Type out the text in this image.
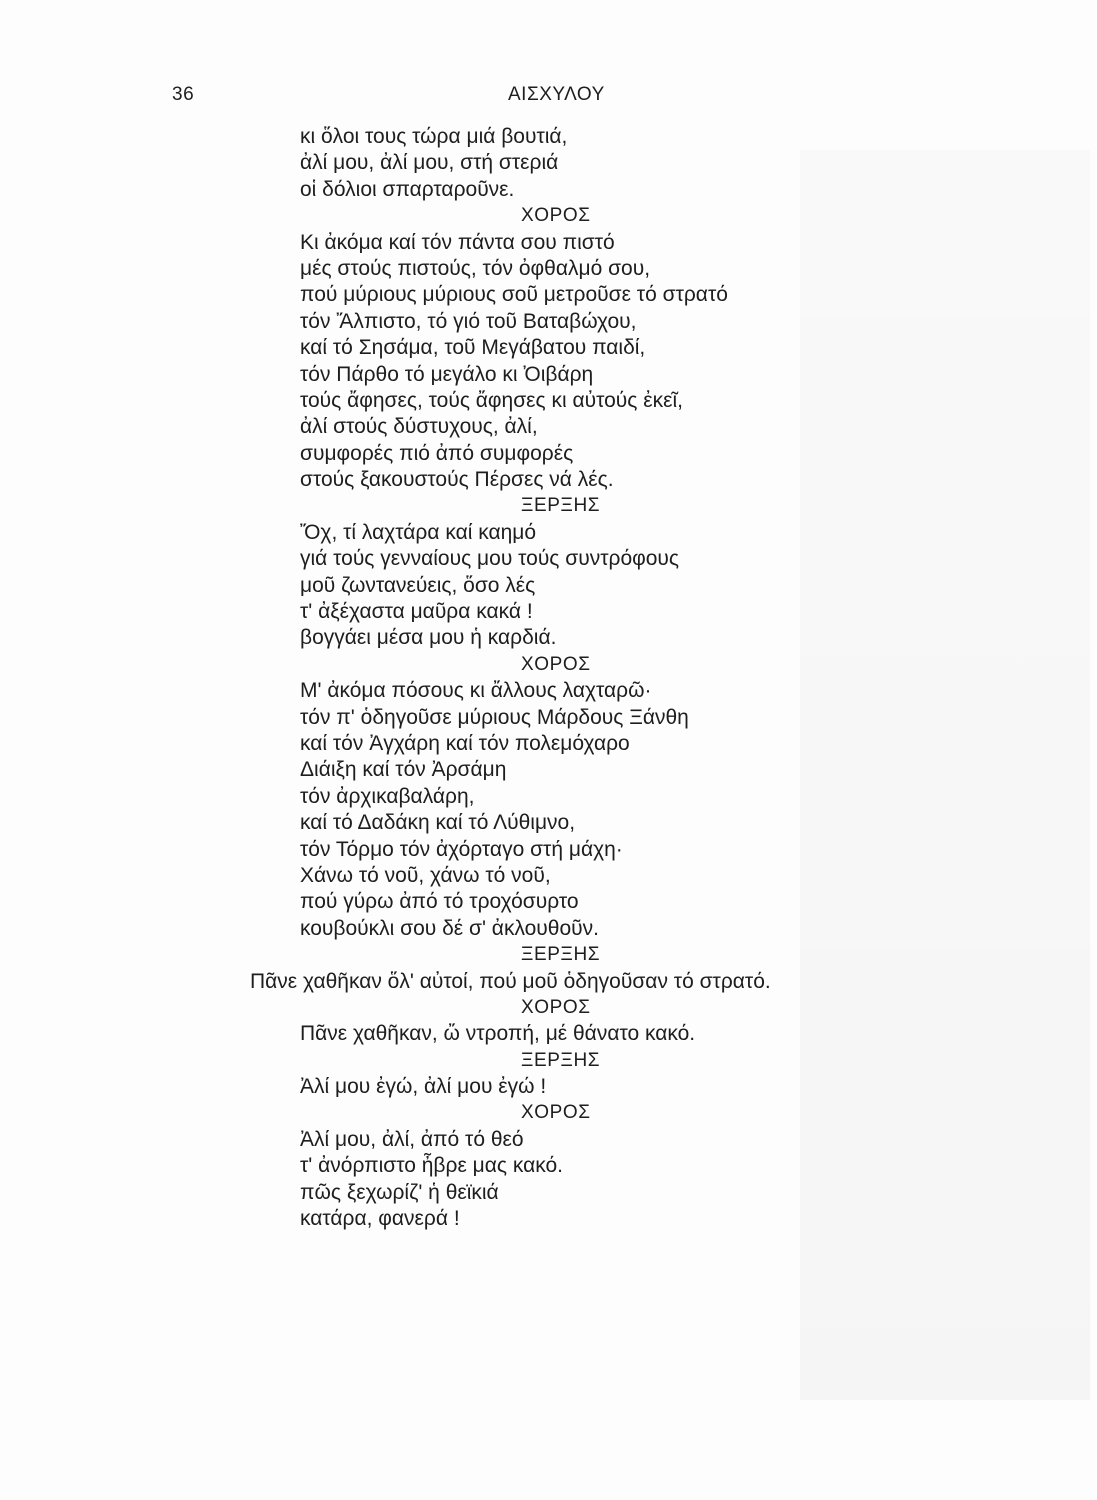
36	ΑΙΣΧΥΛΟΥ
κι ὅλοι τους τώρα μιά βουτιά,
ἀλί μου, ἀλί μου, στή στεριά
οἱ δόλιοι σπαρταροῦνε.
ΧΟΡΟΣ
Κι ἀκόμα καί τόν πάντα σου πιστό
μές στούς πιστούς, τόν ὀφθαλμό σου,
πού μύριους μύριους σοῦ μετροῦσε τό στρατό
τόν Ἄλπιστο, τό γιό τοῦ Βαταβώχου,
καί τό Σησάμα, τοῦ Μεγάβατου παιδί,
τόν Πάρθο τό μεγάλο κι Ὀιβάρη
τούς ἄφησες, τούς ἄφησες κι αὐτούς ἐκεῖ,
ἀλί στούς δύστυχους, ἀλί,
συμφορές πιό ἀπό συμφορές
στούς ξακουστούς Πέρσες νά λές.
ΞΕΡΞΗΣ
Ὄχ, τί λαχτάρα καί καημό
γιά τούς γενναίους μου τούς συντρόφους
μοῦ ζωντανεύεις, ὅσο λές
τ' ἀξέχαστα μαῦρα κακά !
βογγάει μέσα μου ἡ καρδιά.
ΧΟΡΟΣ
Μ' ἀκόμα πόσους κι ἄλλους λαχταρῶ·
τόν π' ὁδηγοῦσε μύριους Μάρδους Ξάνθη
καί τόν Ἀγχάρη καί τόν πολεμόχαρο
Διάιξη καί τόν Ἀρσάμη
τόν ἀρχικαβαλάρη,
καί τό Δαδάκη καί τό Λύθιμνο,
τόν Τόρμο τόν ἀχόρταγο στή μάχη·
Χάνω τό νοῦ, χάνω τό νοῦ,
πού γύρω ἀπό τό τροχόσυρτο
κουβούκλι σου δέ σ' ἀκλουθοῦν.
ΞΕΡΞΗΣ
Πᾶνε χαθῆκαν ὅλ' αὐτοί, πού μοῦ ὁδηγοῦσαν τό στρατό.
ΧΟΡΟΣ
Πᾶνε χαθῆκαν, ὤ ντροπή, μέ θάνατο κακό.
ΞΕΡΞΗΣ
Ἀλί μου ἐγώ, ἀλί μου ἐγώ !
ΧΟΡΟΣ
Ἀλί μου, ἀλί, ἀπό τό θεό
τ' ἀνόρπιστο ἦβρε μας κακό.
πῶς ξεχωρίζ' ἡ θεϊκιά
κατάρα, φανερά !
